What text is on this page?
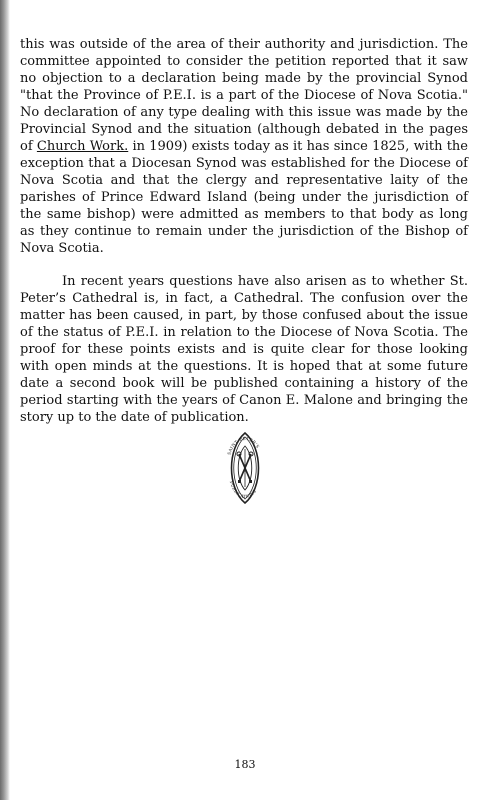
this was outside of the area of their authority and jurisdiction. The committee appointed to consider the petition reported that it saw no objection to a declaration being made by the provincial Synod "that the Province of P.E.I. is a part of the Diocese of Nova Scotia." No declaration of any type dealing with this issue was made by the Provincial Synod and the situation (although debated in the pages of Church Work. in 1909) exists today as it has since 1825, with the exception that a Diocesan Synod was established for the Diocese of Nova Scotia and that the clergy and representative laity of the parishes of Prince Edward Island (being under the jurisdiction of the same bishop) were admitted as members to that body as long as they continue to remain under the jurisdiction of the Bishop of Nova Scotia.

In recent years questions have also arisen as to whether St. Peter’s Cathedral is, in fact, a Cathedral. The confusion over the matter has been caused, in part, by those confused about the issue of the status of P.E.I. in relation to the Diocese of Nova Scotia. The proof for these points exists and is quite clear for those looking with open minds at the questions. It is hoped that at some future date a second book will be published containing a history of the period starting with the years of Canon E. Malone and bringing the story up to the date of publication.

SAINT PETER'S
PUBLICATIONS
183
